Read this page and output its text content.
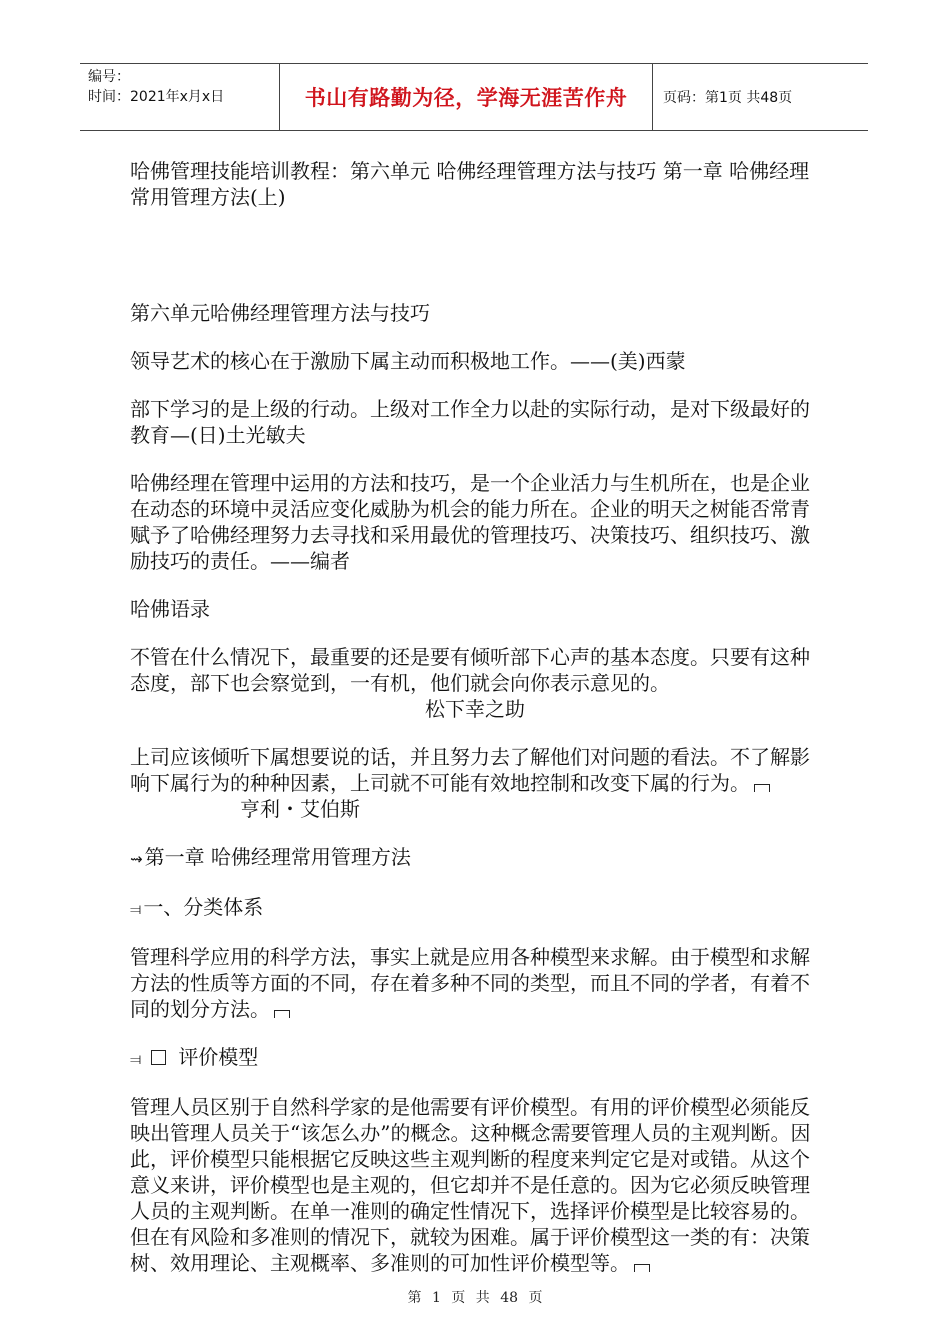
编号：
时间：2021年x月x日	书山有路勤为径，学海无涯苦作舟	页码：第1页 共48页

哈佛管理技能培训教程：第六单元 哈佛经理管理方法与技巧 第一章 哈佛经理常用管理方法(上)

第六单元哈佛经理管理方法与技巧

领导艺术的核心在于激励下属主动而积极地工作。——(美)西蒙

部下学习的是上级的行动。上级对工作全力以赴的实际行动，是对下级最好的教育—(日)土光敏夫

哈佛经理在管理中运用的方法和技巧，是一个企业活力与生机所在，也是企业在动态的环境中灵活应变化威胁为机会的能力所在。企业的明天之树能否常青赋予了哈佛经理努力去寻找和采用最优的管理技巧、决策技巧、组织技巧、激励技巧的责任。——编者

哈佛语录

不管在什么情况下，最重要的还是要有倾听部下心声的基本态度。只要有这种态度，部下也会察觉到，一有机，他们就会向你表示意见的。

松下幸之助

上司应该倾听下属想要说的话，并且努力去了解他们对问题的看法。不了解影响下属行为的种种因素，上司就不可能有效地控制和改变下属的行为。亨利・艾伯斯

⇝ 第一章 哈佛经理常用管理方法

⫤ 一、分类体系

管理科学应用的科学方法，事实上就是应用各种模型来求解。由于模型和求解方法的性质等方面的不同，存在着多种不同的类型，而且不同的学者，有着不同的划分方法。

⫤ 评价模型

管理人员区别于自然科学家的是他需要有评价模型。有用的评价模型必须能反映出管理人员关于“该怎么办”的概念。这种概念需要管理人员的主观判断。因此，评价模型只能根据它反映这些主观判断的程度来判定它是对或错。从这个意义来讲，评价模型也是主观的，但它却并不是任意的。因为它必须反映管理人员的主观判断。在单一准则的确定性情况下，选择评价模型是比较容易的。但在有风险和多准则的情况下，就较为困难。属于评价模型这一类的有：决策树、效用理论、主观概率、多准则的可加性评价模型等。

第 1 页 共 48 页
